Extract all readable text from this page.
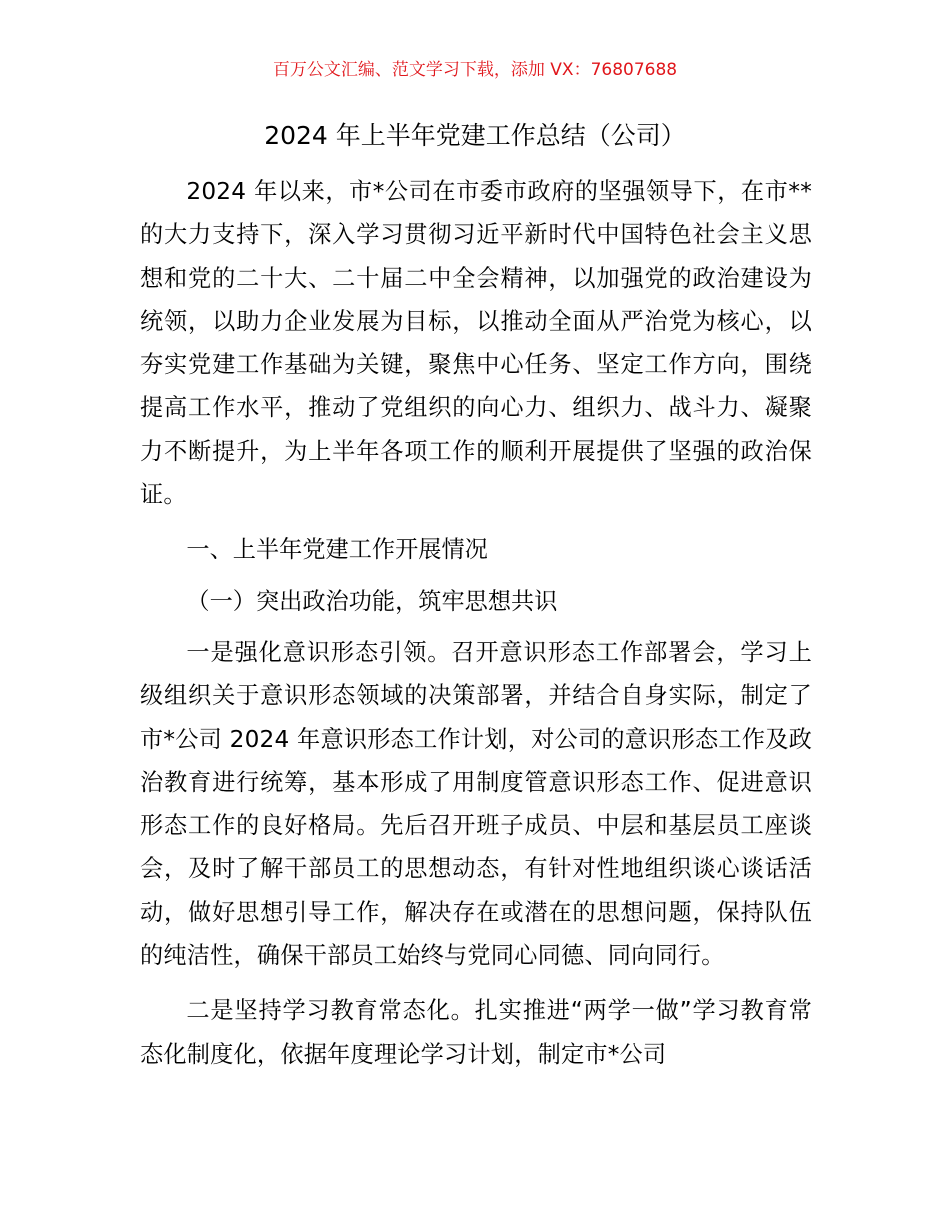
百万公文汇编、范文学习下载，添加 VX：76807688
2024 年上半年党建工作总结（公司）

2024 年以来，市*公司在市委市政府的坚强领导下，在市**的大力支持下，深入学习贯彻习近平新时代中国特色社会主义思想和党的二十大、二十届二中全会精神，以加强党的政治建设为统领，以助力企业发展为目标，以推动全面从严治党为核心，以夯实党建工作基础为关键，聚焦中心任务、坚定工作方向，围绕提高工作水平，推动了党组织的向心力、组织力、战斗力、凝聚力不断提升，为上半年各项工作的顺利开展提供了坚强的政治保证。

一、上半年党建工作开展情况

（一）突出政治功能，筑牢思想共识

一是强化意识形态引领。召开意识形态工作部署会，学习上级组织关于意识形态领域的决策部署，并结合自身实际，制定了市*公司 2024 年意识形态工作计划，对公司的意识形态工作及政治教育进行统筹，基本形成了用制度管意识形态工作、促进意识形态工作的良好格局。先后召开班子成员、中层和基层员工座谈会，及时了解干部员工的思想动态，有针对性地组织谈心谈话活动，做好思想引导工作，解决存在或潜在的思想问题，保持队伍的纯洁性，确保干部员工始终与党同心同德、同向同行。

二是坚持学习教育常态化。扎实推进“两学一做”学习教育常态化制度化，依据年度理论学习计划，制定市*公司
